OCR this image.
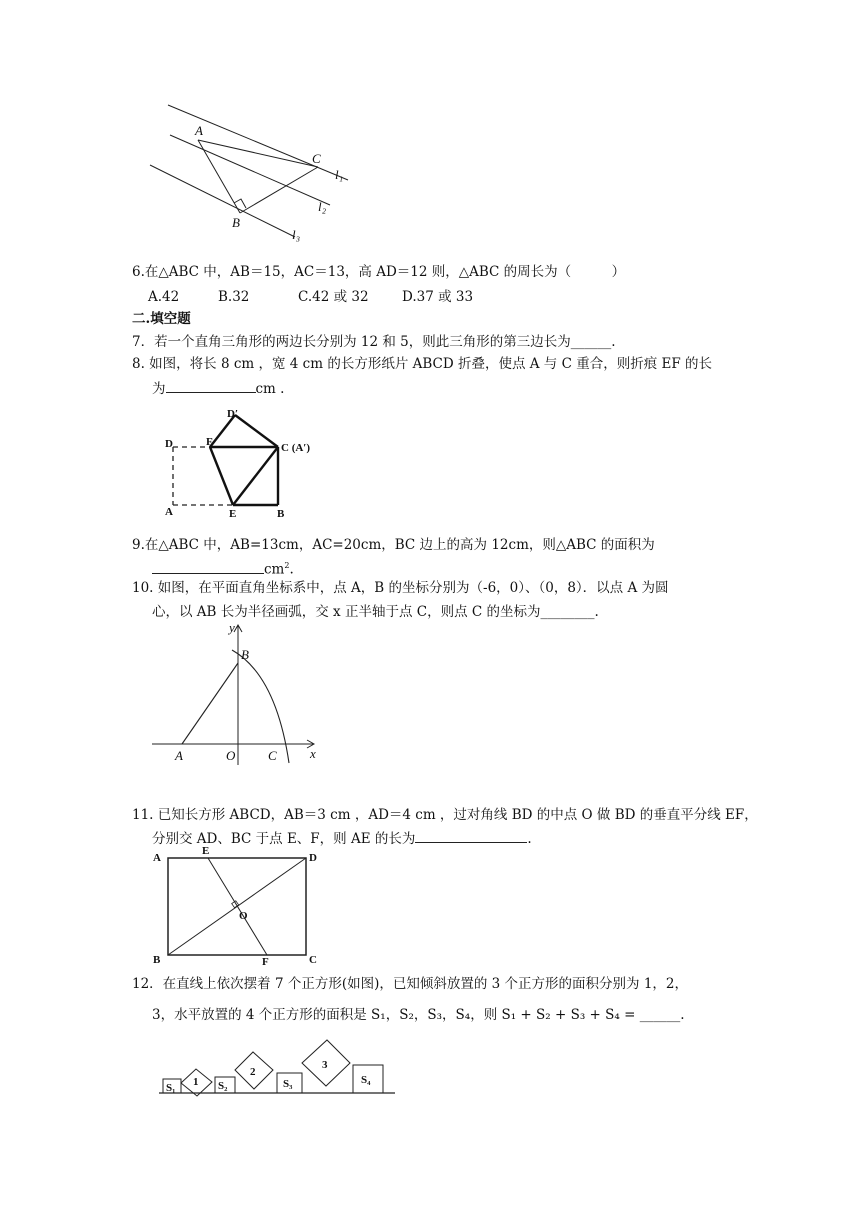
A
B
C
l₁
l₂
l₃
6.在△ABC 中，AB＝15，AC＝13，高 AD＝12 则，△ABC 的周长为（　　　）
A.42	B.32	C.42 或 32 D.37 或 33
二.填空题
7．若一个直角三角形的两边长分别为 12 和 5，则此三角形的第三边长为______.
8. 如图，将长 8 cm ，宽 4 cm 的长方形纸片 ABCD 折叠，使点 A 与 C 重合，则折痕 EF 的长
为	cm .
D′
D	F	C (A′)
A	E	B
9.在△ABC 中，AB=13cm，AC=20cm，BC 边上的高为 12cm，则△ABC 的面积为
$cm^2$.
10. 如图，在平面直角坐标系中，点 A，B 的坐标分别为（-6，0）、（0，8）．以点 A 为圆
心，以 AB 长为半径画弧，交 x 正半轴于点 C，则点 C 的坐标为________.
y
x
B
A	O	C
11. 已知长方形 ABCD，AB＝3 cm ，AD＝4 cm ，过对角线 BD 的中点 O 做 BD 的垂直平分线 EF，
分别交 AD、BC 于点 E、F，则 AE 的长为	.
A
E
D
O
B	F	C
12．在直线上依次摆着 7 个正方形(如图)，已知倾斜放置的 3 个正方形的面积分别为 1，2，
3，水平放置的 4 个正方形的面积是 S₁，S₂，S₃，S₄，则 S₁ + S₂ + S₃ + S₄ = ______.
S₁ 1 S₂
2
S₃
3
S₄
